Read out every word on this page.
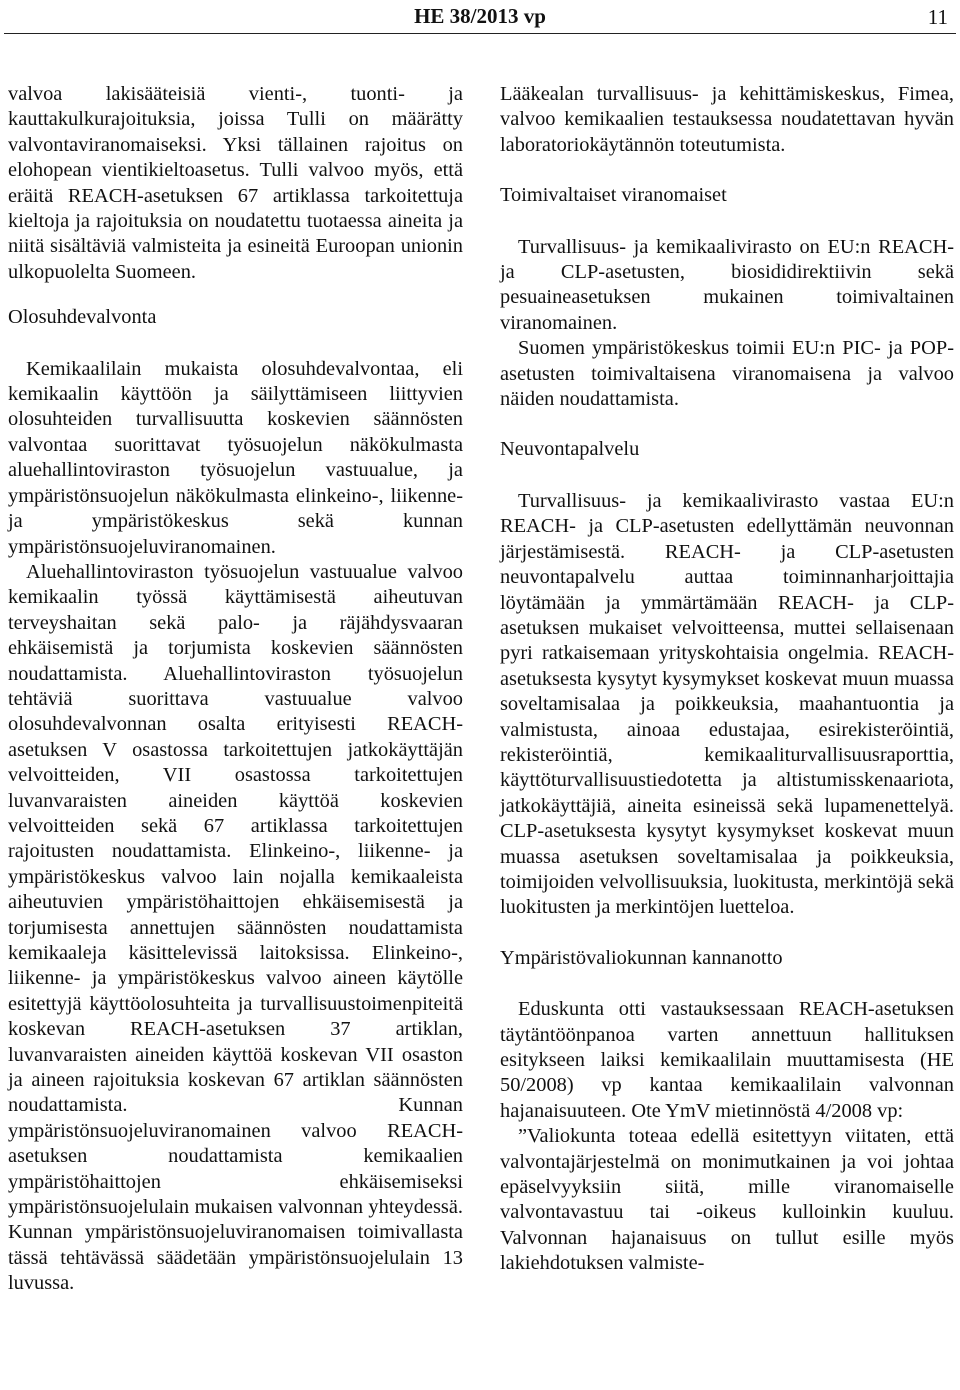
HE 38/2013 vp	11

valvoa lakisääteisiä vienti-, tuonti- ja kauttakulkurajoituksia, joissa Tulli on määrätty valvontaviranomaiseksi. Yksi tällainen rajoitus on elohopean vientikieltoasetus. Tulli valvoo myös, että eräitä REACH-asetuksen 67 artiklassa tarkoitettuja kieltoja ja rajoituksia on noudatettu tuotaessa aineita ja niitä sisältäviä valmisteita ja esineitä Euroopan unionin ulkopuolelta Suomeen.

Olosuhdevalvonta

Kemikaalilain mukaista olosuhdevalvontaa, eli kemikaalin käyttöön ja säilyttämiseen liittyvien olosuhteiden turvallisuutta koskevien säännösten valvontaa suorittavat työsuojelun näkökulmasta aluehallintoviraston työsuojelun vastuualue, ja ympäristönsuojelun näkökulmasta elinkeino-, liikenne- ja ympäristökeskus sekä kunnan ympäristönsuojeluviranomainen.

Aluehallintoviraston työsuojelun vastuualue valvoo kemikaalin työssä käyttämisestä aiheutuvan terveyshaitan sekä palo- ja räjähdysvaaran ehkäisemistä ja torjumista koskevien säännösten noudattamista. Aluehallintoviraston työsuojelun tehtäviä suorittava vastuualue valvoo olosuhdevalvonnan osalta erityisesti REACH-asetuksen V osastossa tarkoitettujen jatkokäyttäjän velvoitteiden, VII osastossa tarkoitettujen luvanvaraisten aineiden käyttöä koskevien velvoitteiden sekä 67 artiklassa tarkoitettujen rajoitusten noudattamista. Elinkeino-, liikenne- ja ympäristökeskus valvoo lain nojalla kemikaaleista aiheutuvien ympäristöhaittojen ehkäisemisestä ja torjumisesta annettujen säännösten noudattamista kemikaaleja käsittelevissä laitoksissa. Elinkeino-, liikenne- ja ympäristökeskus valvoo aineen käytölle esitettyjä käyttöolosuhteita ja turvallisuustoimenpiteitä koskevan REACH-asetuksen 37 artiklan, luvanvaraisten aineiden käyttöä koskevan VII osaston ja aineen rajoituksia koskevan 67 artiklan säännösten noudattamista. Kunnan ympäristönsuojeluviranomainen valvoo REACH-asetuksen noudattamista kemikaalien ympäristöhaittojen ehkäisemiseksi ympäristönsuojelulain mukaisen valvonnan yhteydessä. Kunnan ympäristönsuojeluviranomaisen toimivallasta tässä tehtävässä säädetään ympäristönsuojelulain 13 luvussa.

Lääkealan turvallisuus- ja kehittämiskeskus, Fimea, valvoo kemikaalien testauksessa noudatettavan hyvän laboratoriokäytännön toteutumista.

Toimivaltaiset viranomaiset

Turvallisuus- ja kemikaalivirasto on EU:n REACH- ja CLP-asetusten, biosididirektiivin sekä pesuaineasetuksen mukainen toimivaltainen viranomainen.

Suomen ympäristökeskus toimii EU:n PIC- ja POP-asetusten toimivaltaisena viranomaisena ja valvoo näiden noudattamista.

Neuvontapalvelu

Turvallisuus- ja kemikaalivirasto vastaa EU:n REACH- ja CLP-asetusten edellyttämän neuvonnan järjestämisestä. REACH- ja CLP-asetusten neuvontapalvelu auttaa toiminnanharjoittajia löytämään ja ymmärtämään REACH- ja CLP-asetuksen mukaiset velvoitteensa, muttei sellaisenaan pyri ratkaisemaan yrityskohtaisia ongelmia. REACH-asetuksesta kysytyt kysymykset koskevat muun muassa soveltamisalaa ja poikkeuksia, maahantuontia ja valmistusta, ainoaa edustajaa, esirekisteröintiä, rekisteröintiä, kemikaaliturvallisuusraporttia, käyttöturvallisuustiedotetta ja altistumisskenaariota, jatkokäyttäjiä, aineita esineissä sekä lupamenettelyä. CLP-asetuksesta kysytyt kysymykset koskevat muun muassa asetuksen soveltamisalaa ja poikkeuksia, toimijoiden velvollisuuksia, luokitusta, merkintöjä sekä luokitusten ja merkintöjen luetteloa.

Ympäristövaliokunnan kannanotto

Eduskunta otti vastauksessaan REACH-asetuksen täytäntöönpanoa varten annettuun hallituksen esitykseen laiksi kemikaalilain muuttamisesta (HE 50/2008) vp kantaa kemikaalilain valvonnan hajanaisuuteen. Ote YmV mietinnöstä 4/2008 vp:

”Valiokunta toteaa edellä esitettyyn viitaten, että valvontajärjestelmä on monimutkainen ja voi johtaa epäselvyyksiin siitä, mille viranomaiselle valvontavastuu tai -oikeus kulloinkin kuuluu. Valvonnan hajanaisuus on tullut esille myös lakiehdotuksen valmiste-
